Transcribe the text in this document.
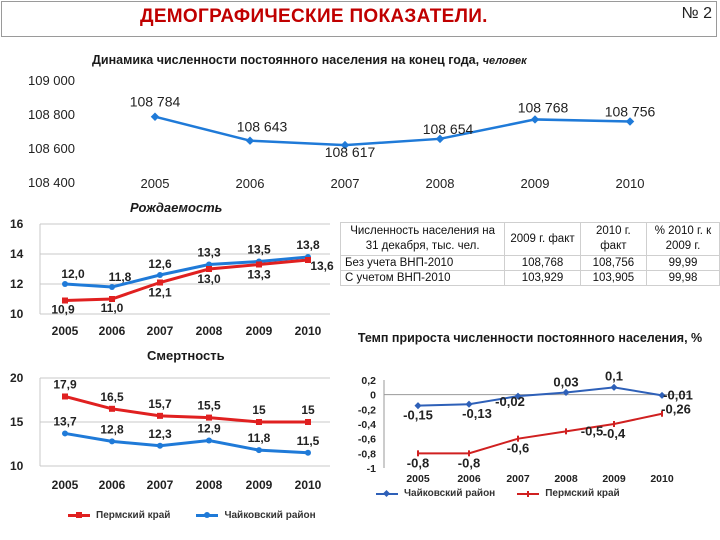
ДЕМОГРАФИЧЕСКИЕ ПОКАЗАТЕЛИ.	№ 2
Динамика численности постоянного населения на конец года, человек
109 000
108 800
108 600
108 400	2005	2006	2007	2008	2009	2010
108 784
108 643
108 617
108 654
108 768	108 756
Рождаемость
16
14
12
10
2005 2006 2007 2008 2009 2010
12,0 11,8
12,6
13,3 13,5 13,8
10,9 11,0
12,1
13,0 13,3
13,6
Смертность
20
15
10
2005 2006 2007 2008 2009 2010
17,9
16,5
15,7 15,5	15	15
13,7
12,8 12,3 12,9
11,8 11,5
Пермский край	Чайковский район
Численность населения на 31 декабря, тыс. чел.	2009 г. факт	2010 г. факт	% 2010 г. к 2009 г.
Без учета ВНП-2010	108,768	108,756	99,99
С учетом ВНП-2010	103,929	103,905	99,98
Темп прироста численности постоянного населения, %
0,2
0
-0,2
-0,4
-0,6
-0,8
-1
2005	2006 2007 2008 2009 2010
-0,15 -0,13
-0,02
0,03 0,1
-0,01
-0,8 -0,8
-0,6
-0,5 -0,4
-0,26
Чайковский район	Пермский край
